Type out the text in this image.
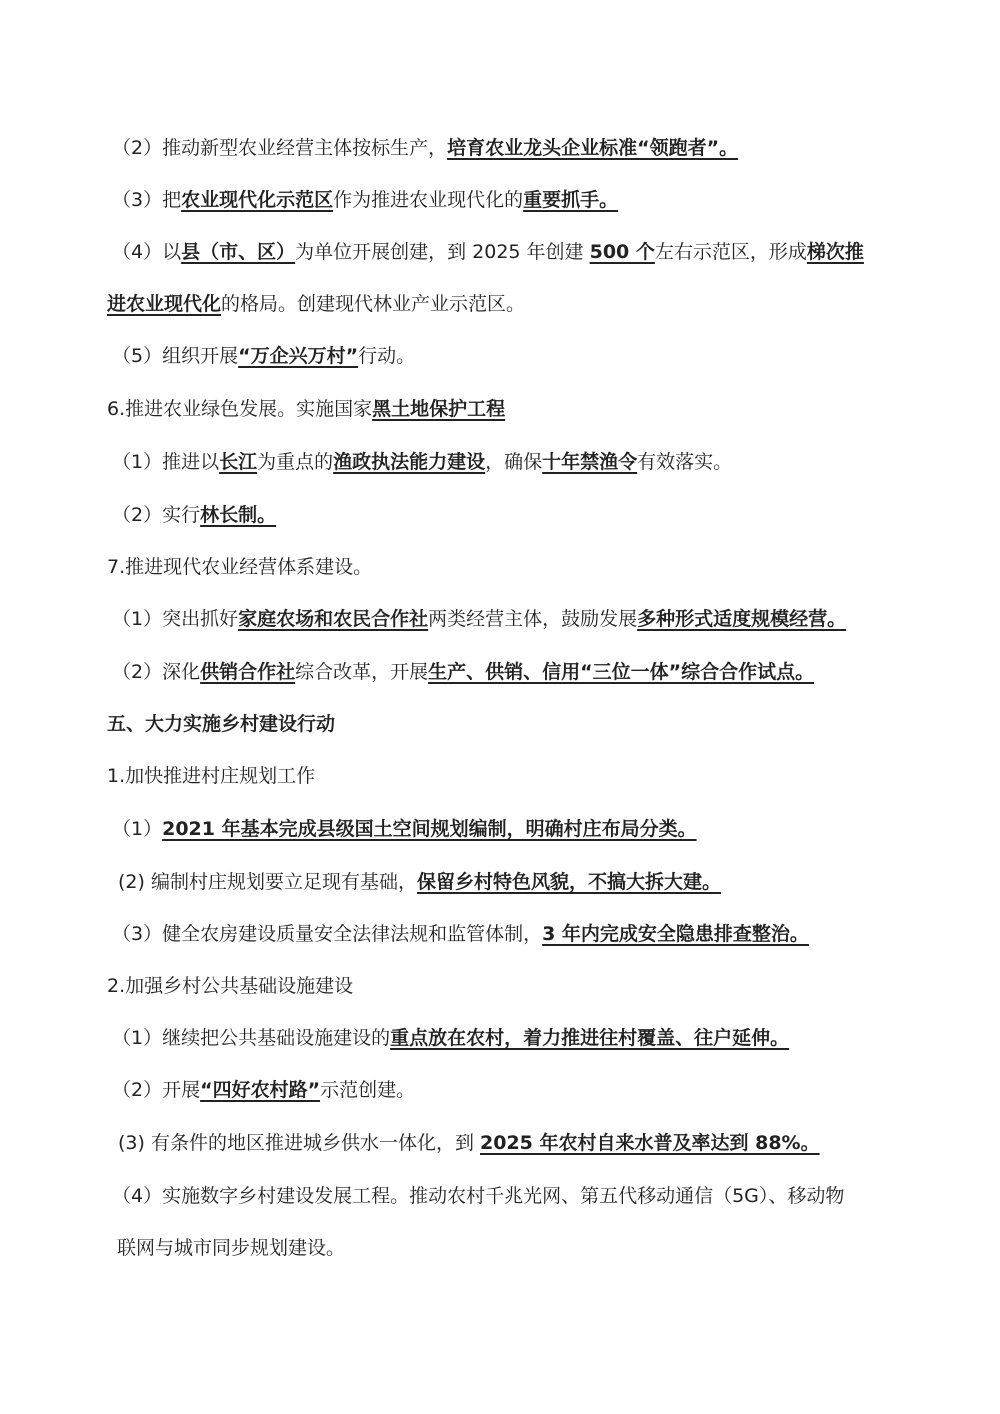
（2）推动新型农业经营主体按标生产，培育农业龙头企业标准“领跑者”。
（3）把农业现代化示范区作为推进农业现代化的重要抓手。
（4）以县（市、区）为单位开展创建，到 2025 年创建 500 个左右示范区，形成梯次推
进农业现代化的格局。创建现代林业产业示范区。
（5）组织开展“万企兴万村”行动。
6.推进农业绿色发展。实施国家黑土地保护工程
（1）推进以长江为重点的渔政执法能力建设，确保十年禁渔令有效落实。
（2）实行林长制。
7.推进现代农业经营体系建设。
（1）突出抓好家庭农场和农民合作社两类经营主体，鼓励发展多种形式适度规模经营。
（2）深化供销合作社综合改革，开展生产、供销、信用“三位一体”综合合作试点。
五、大力实施乡村建设行动
1.加快推进村庄规划工作
（1）2021 年基本完成县级国土空间规划编制，明确村庄布局分类。
(2) 编制村庄规划要立足现有基础，保留乡村特色风貌，不搞大拆大建。
（3）健全农房建设质量安全法律法规和监管体制，3 年内完成安全隐患排查整治。
2.加强乡村公共基础设施建设
（1）继续把公共基础设施建设的重点放在农村，着力推进往村覆盖、往户延伸。
（2）开展“四好农村路”示范创建。
(3) 有条件的地区推进城乡供水一体化，到 2025 年农村自来水普及率达到 88%。
（4）实施数字乡村建设发展工程。推动农村千兆光网、第五代移动通信（5G）、移动物
联网与城市同步规划建设。
